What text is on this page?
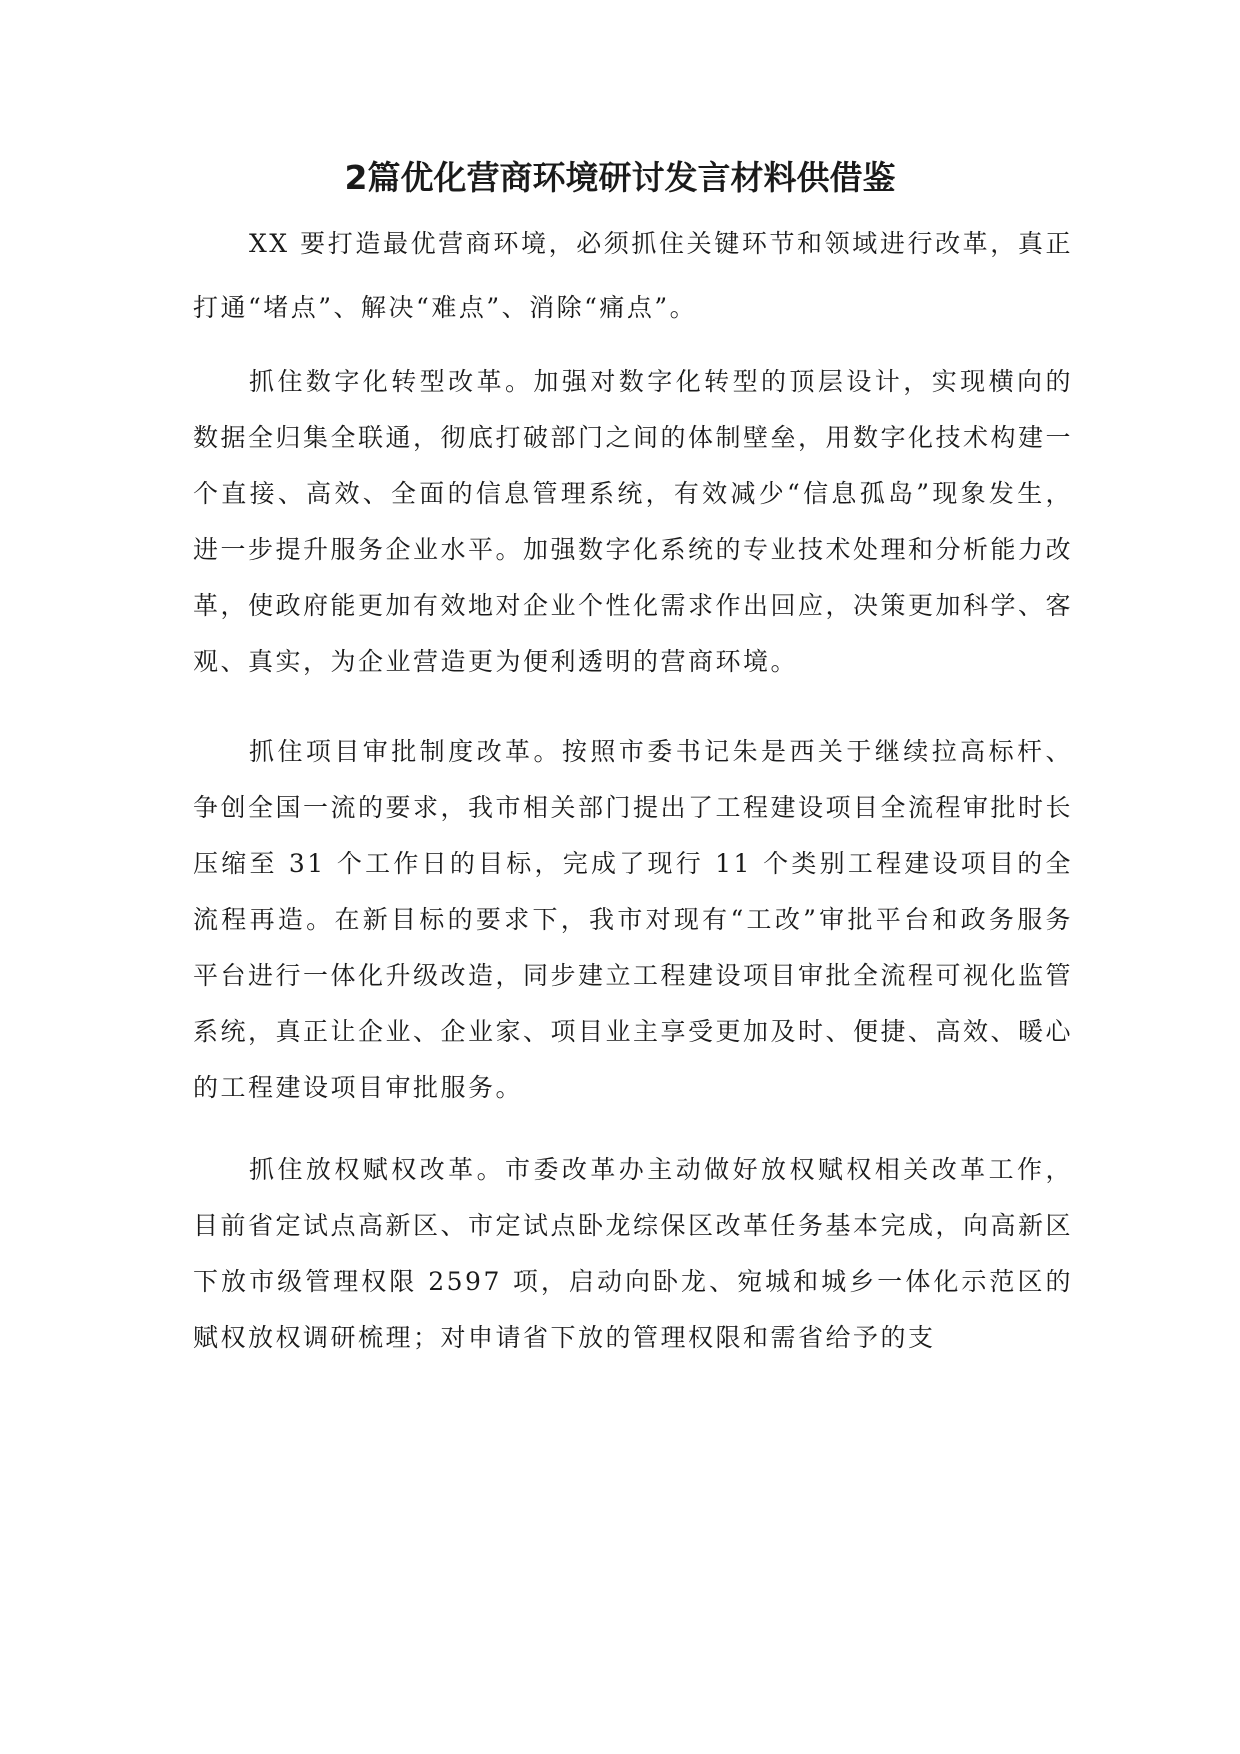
2篇优化营商环境研讨发言材料供借鉴

XX 要打造最优营商环境，必须抓住关键环节和领域进行改革，真正打通“堵点”、解决“难点”、消除“痛点”。

抓住数字化转型改革。加强对数字化转型的顶层设计，实现横向的数据全归集全联通，彻底打破部门之间的体制壁垒，用数字化技术构建一个直接、高效、全面的信息管理系统，有效减少“信息孤岛”现象发生，进一步提升服务企业水平。加强数字化系统的专业技术处理和分析能力改革，使政府能更加有效地对企业个性化需求作出回应，决策更加科学、客观、真实，为企业营造更为便利透明的营商环境。

抓住项目审批制度改革。按照市委书记朱是西关于继续拉高标杆、争创全国一流的要求，我市相关部门提出了工程建设项目全流程审批时长压缩至 31 个工作日的目标，完成了现行 11 个类别工程建设项目的全流程再造。在新目标的要求下，我市对现有“工改”审批平台和政务服务平台进行一体化升级改造，同步建立工程建设项目审批全流程可视化监管系统，真正让企业、企业家、项目业主享受更加及时、便捷、高效、暖心的工程建设项目审批服务。

抓住放权赋权改革。市委改革办主动做好放权赋权相关改革工作，目前省定试点高新区、市定试点卧龙综保区改革任务基本完成，向高新区下放市级管理权限 2597 项，启动向卧龙、宛城和城乡一体化示范区的赋权放权调研梳理；对申请省下放的管理权限和需省给予的支
